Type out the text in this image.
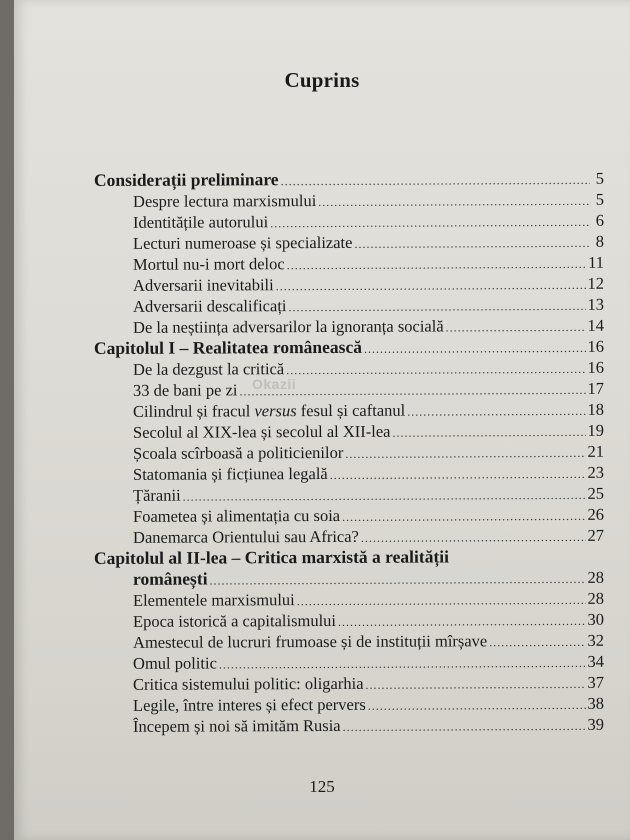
Cuprins
Okazii
Considerații preliminare .....	5
Despre lectura marxismului .....	5
Identitățile autorului .....	6
Lecturi numeroase și specializate .....	8
Mortul nu-i mort deloc .....	11
Adversarii inevitabili .....	12
Adversarii descalificați .....	13
De la neștiința adversarilor la ignoranța socială .....	14
Capitolul I – Realitatea românească .....	16
De la dezgust la critică .....	16
33 de bani pe zi .....	17
Cilindrul și fracul versus fesul și caftanul .....	18
Secolul al XIX-lea și secolul al XII-lea .....	19
Școala scîrboasă a politicienilor .....	21
Statomania și ficțiunea legală .....	23
Țăranii .....	25
Foametea și alimentația cu soia .....	26
Danemarca Orientului sau Africa? .....	27
Capitolul al II-lea – Critica marxistă a realității
românești .....	28
Elementele marxismului .....	28
Epoca istorică a capitalismului .....	30
Amestecul de lucruri frumoase și de instituții mîrșave .....	32
Omul politic .....	34
Critica sistemului politic: oligarhia .....	37
Legile, între interes și efect pervers .....	38
Începem și noi să imităm Rusia .....	39
125
